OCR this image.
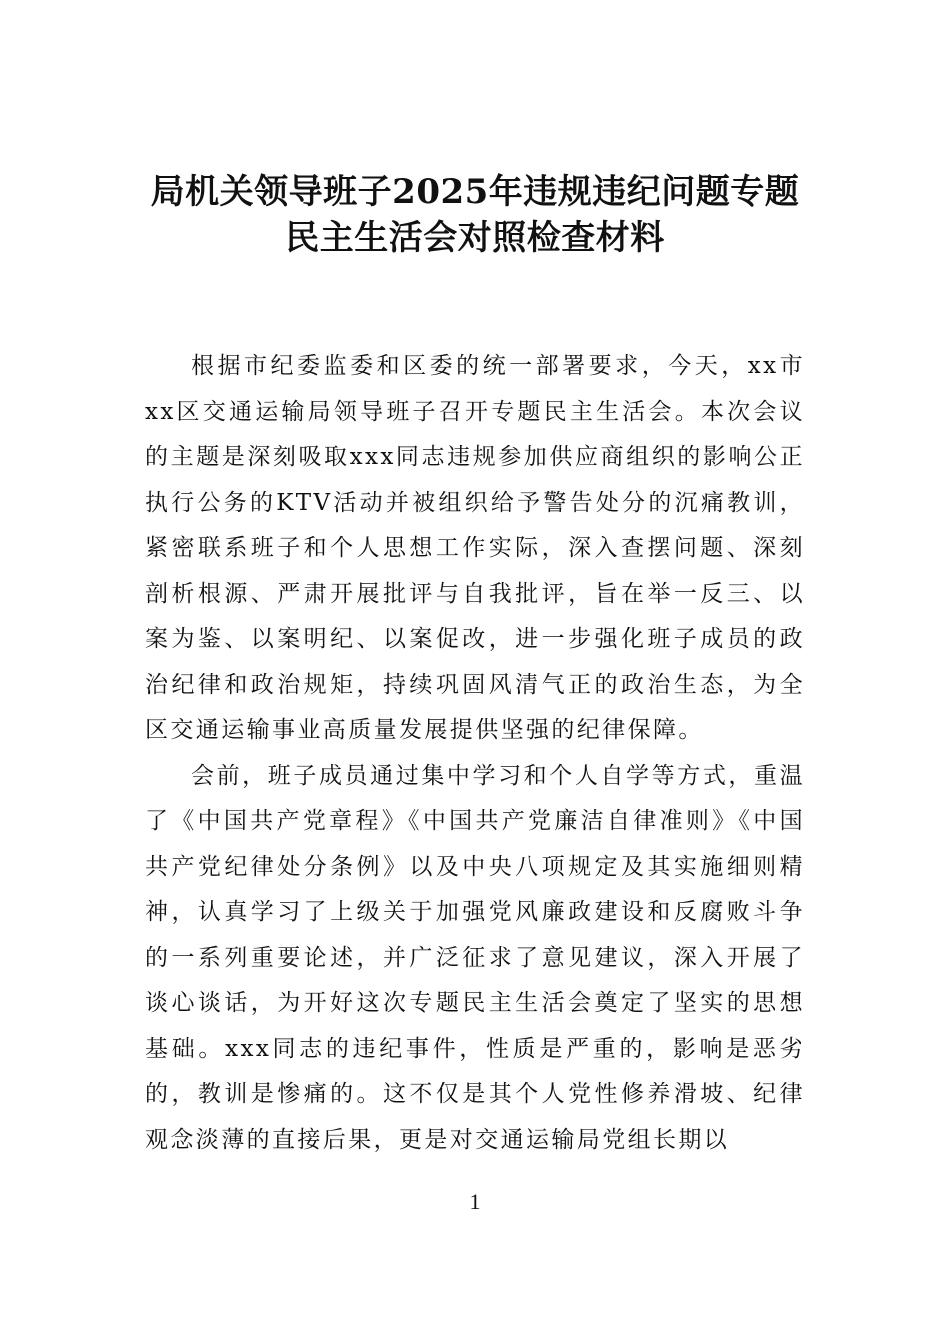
局机关领导班子2025年违规违纪问题专题
民主生活会对照检查材料

根据市纪委监委和区委的统一部署要求，今天，xx市xx区交通运输局领导班子召开专题民主生活会。本次会议的主题是深刻吸取xxx同志违规参加供应商组织的影响公正执行公务的KTV活动并被组织给予警告处分的沉痛教训，紧密联系班子和个人思想工作实际，深入查摆问题、深刻剖析根源、严肃开展批评与自我批评，旨在举一反三、以案为鉴、以案明纪、以案促改，进一步强化班子成员的政治纪律和政治规矩，持续巩固风清气正的政治生态，为全区交通运输事业高质量发展提供坚强的纪律保障。

会前，班子成员通过集中学习和个人自学等方式，重温了《中国共产党章程》《中国共产党廉洁自律准则》《中国共产党纪律处分条例》以及中央八项规定及其实施细则精神，认真学习了上级关于加强党风廉政建设和反腐败斗争的一系列重要论述，并广泛征求了意见建议，深入开展了谈心谈话，为开好这次专题民主生活会奠定了坚实的思想基础。xxx同志的违纪事件，性质是严重的，影响是恶劣的，教训是惨痛的。这不仅是其个人党性修养滑坡、纪律观念淡薄的直接后果，更是对交通运输局党组长期以

1
